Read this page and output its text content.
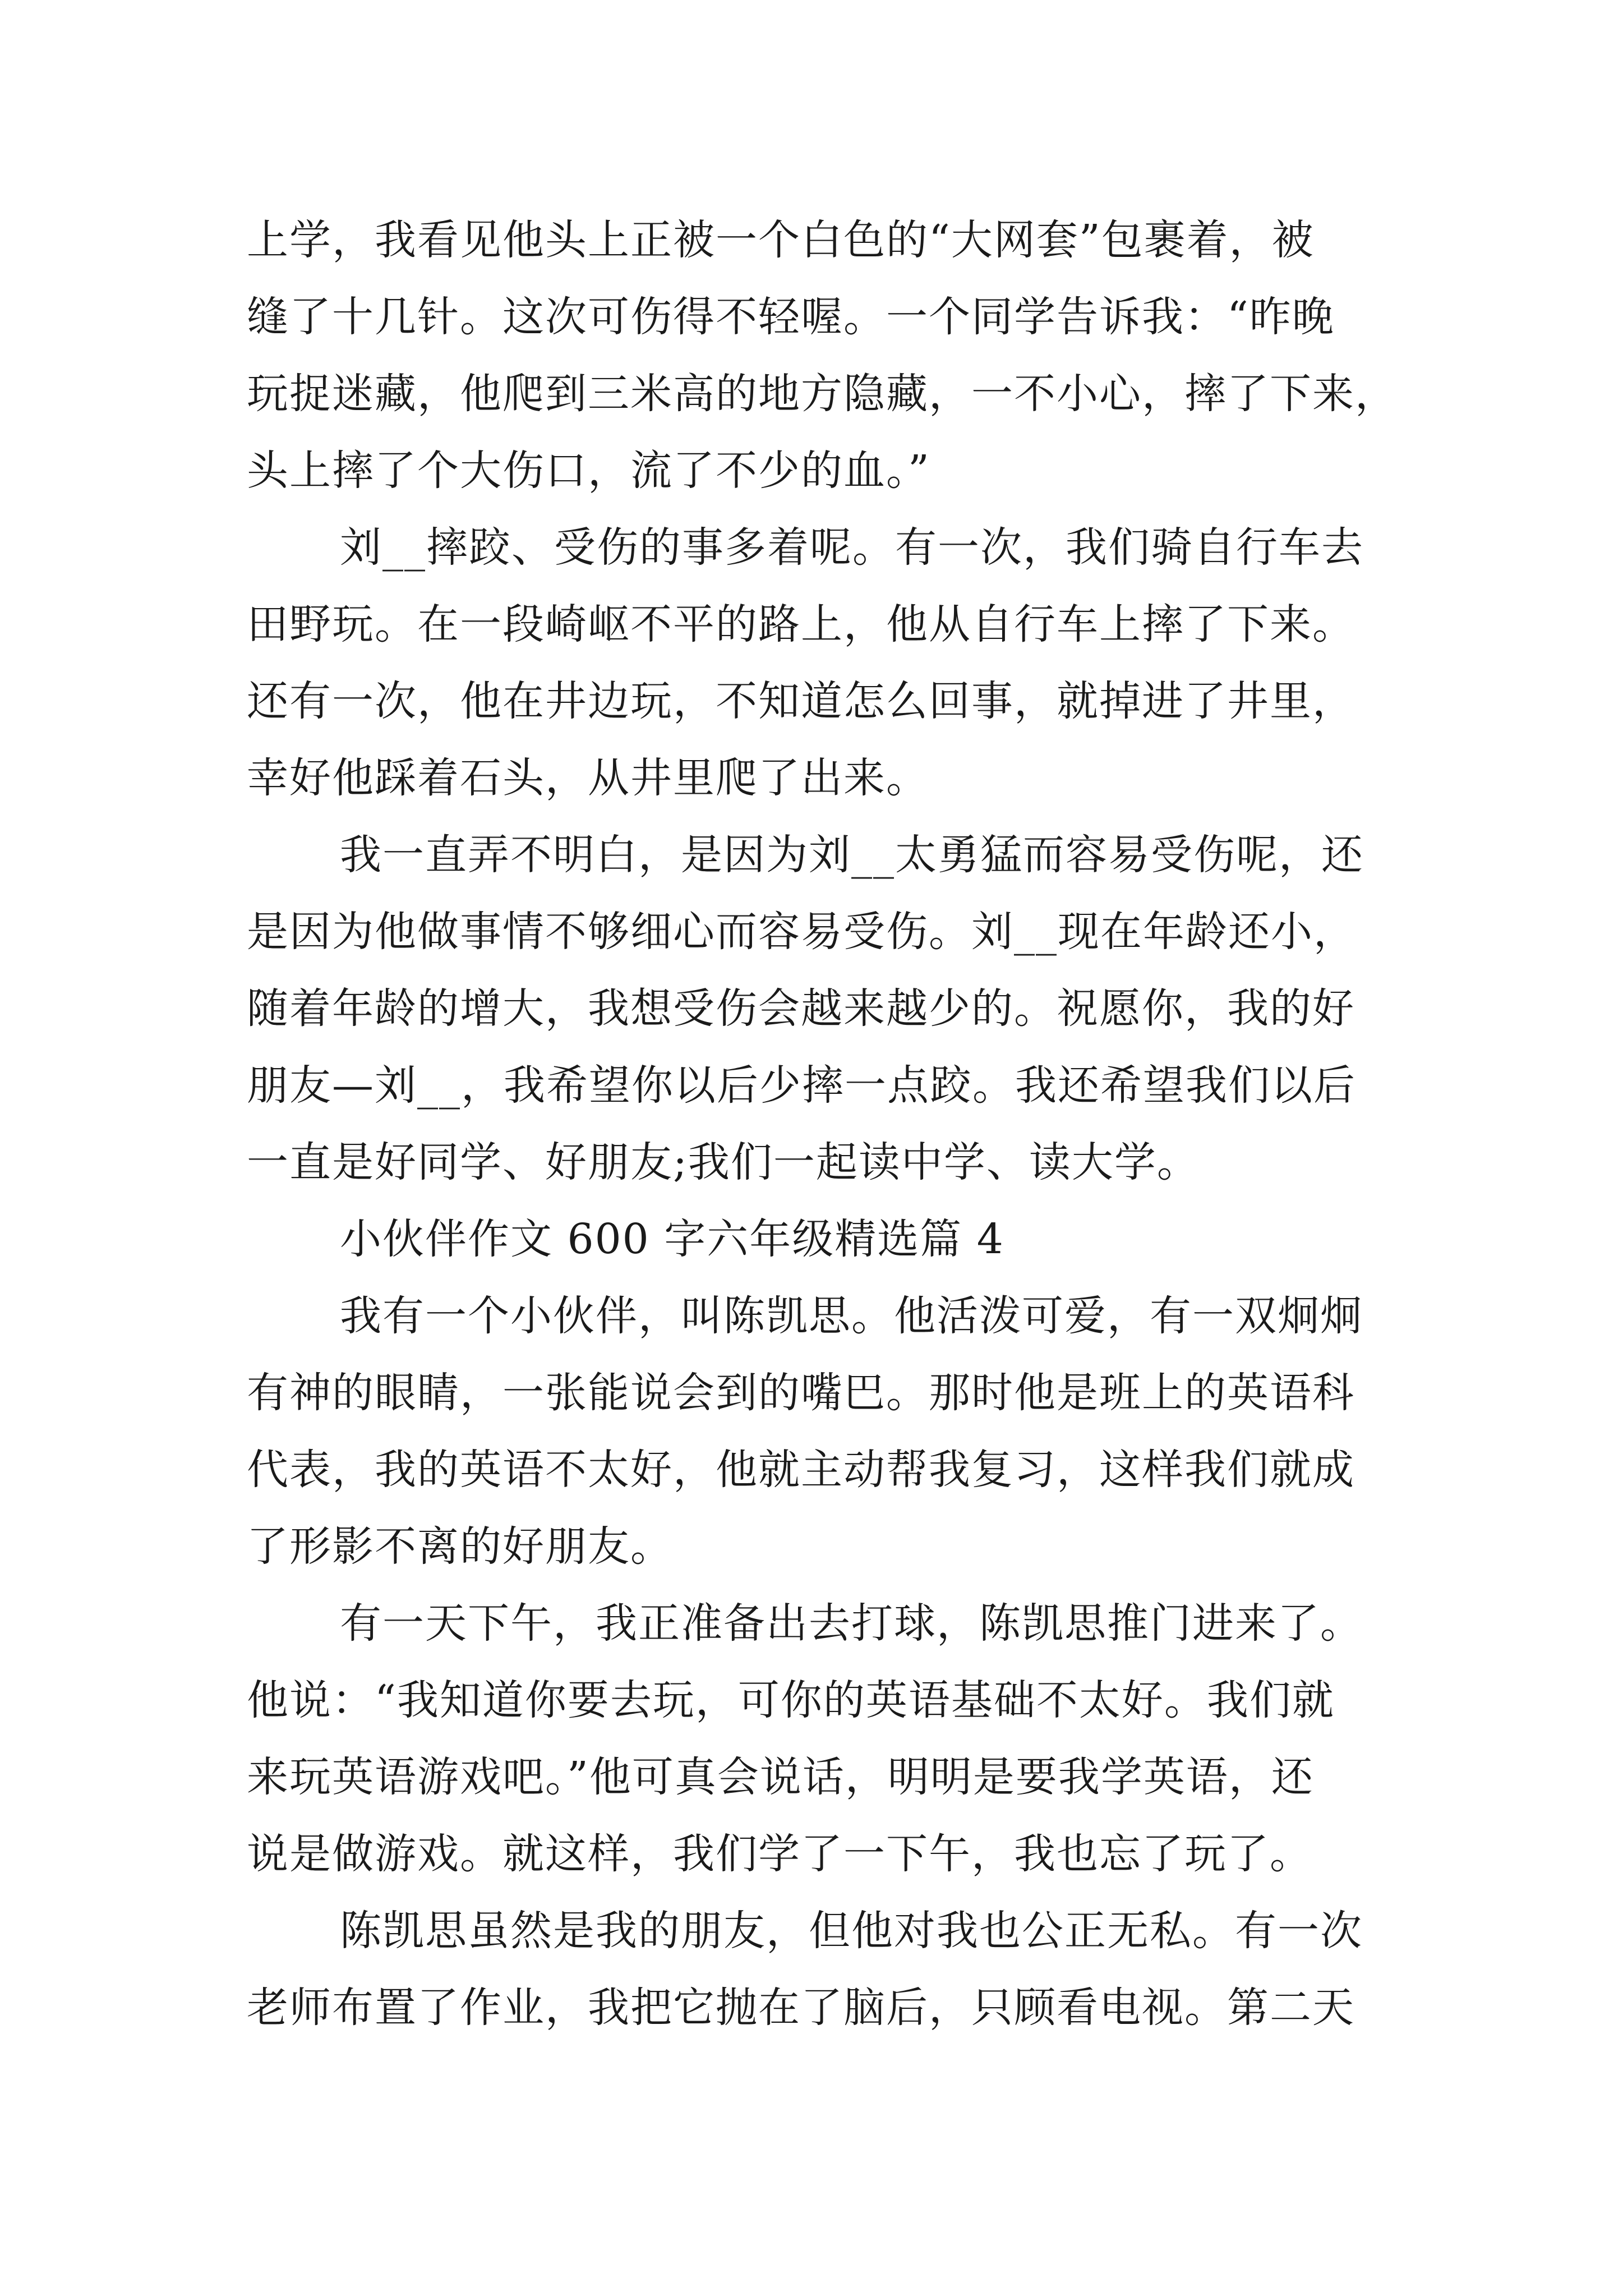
上学，我看见他头上正被一个白色的“大网套”包裹着，被
缝了十几针。这次可伤得不轻喔。一个同学告诉我：“昨晚
玩捉迷藏，他爬到三米高的地方隐藏，一不小心，摔了下来，
头上摔了个大伤口，流了不少的血。”
刘__摔跤、受伤的事多着呢。有一次，我们骑自行车去
田野玩。在一段崎岖不平的路上，他从自行车上摔了下来。
还有一次，他在井边玩，不知道怎么回事，就掉进了井里，
幸好他踩着石头，从井里爬了出来。
我一直弄不明白，是因为刘__太勇猛而容易受伤呢，还
是因为他做事情不够细心而容易受伤。刘__现在年龄还小，
随着年龄的增大，我想受伤会越来越少的。祝愿你，我的好
朋友—刘__，我希望你以后少摔一点跤。我还希望我们以后
一直是好同学、好朋友;我们一起读中学、读大学。
小伙伴作文 600 字六年级精选篇 4
我有一个小伙伴，叫陈凯思。他活泼可爱，有一双炯炯
有神的眼睛，一张能说会到的嘴巴。那时他是班上的英语科
代表，我的英语不太好，他就主动帮我复习，这样我们就成
了形影不离的好朋友。
有一天下午，我正准备出去打球，陈凯思推门进来了。
他说：“我知道你要去玩，可你的英语基础不太好。我们就
来玩英语游戏吧。”他可真会说话，明明是要我学英语，还
说是做游戏。就这样，我们学了一下午，我也忘了玩了。
陈凯思虽然是我的朋友，但他对我也公正无私。有一次
老师布置了作业，我把它抛在了脑后，只顾看电视。第二天
